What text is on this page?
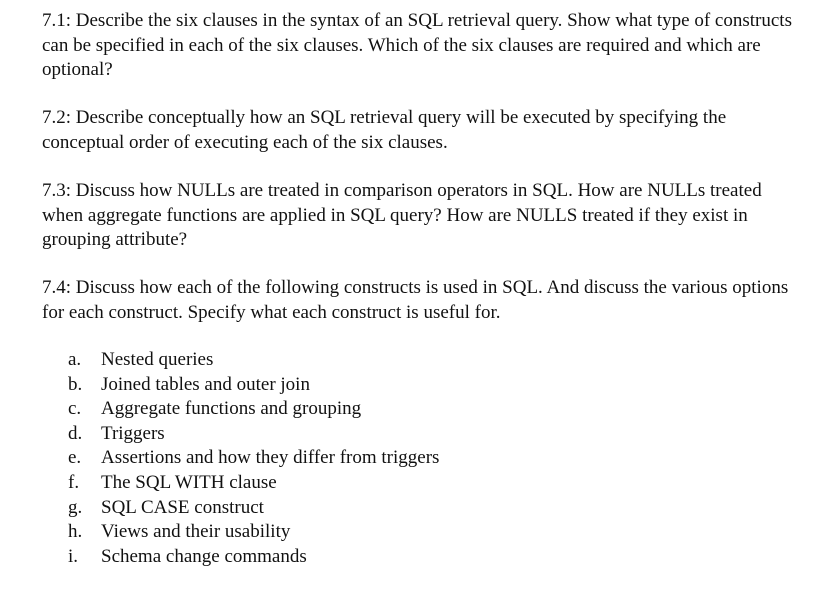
7.1: Describe the six clauses in the syntax of an SQL retrieval query. Show what type of constructs can be specified in each of the six clauses. Which of the six clauses are required and which are optional?

7.2: Describe conceptually how an SQL retrieval query will be executed by specifying the conceptual order of executing each of the six clauses.

7.3: Discuss how NULLs are treated in comparison operators in SQL. How are NULLs treated when aggregate functions are applied in SQL query? How are NULLS treated if they exist in grouping attribute?

7.4: Discuss how each of the following constructs is used in SQL. And discuss the various options for each construct. Specify what each construct is useful for.

a.	Nested queries
b. Joined tables and outer join
c.	Aggregate functions and grouping
d. Triggers
e.	Assertions and how they differ from triggers
f.	The SQL WITH clause
g. SQL CASE construct
h. Views and their usability
i.	Schema change commands
